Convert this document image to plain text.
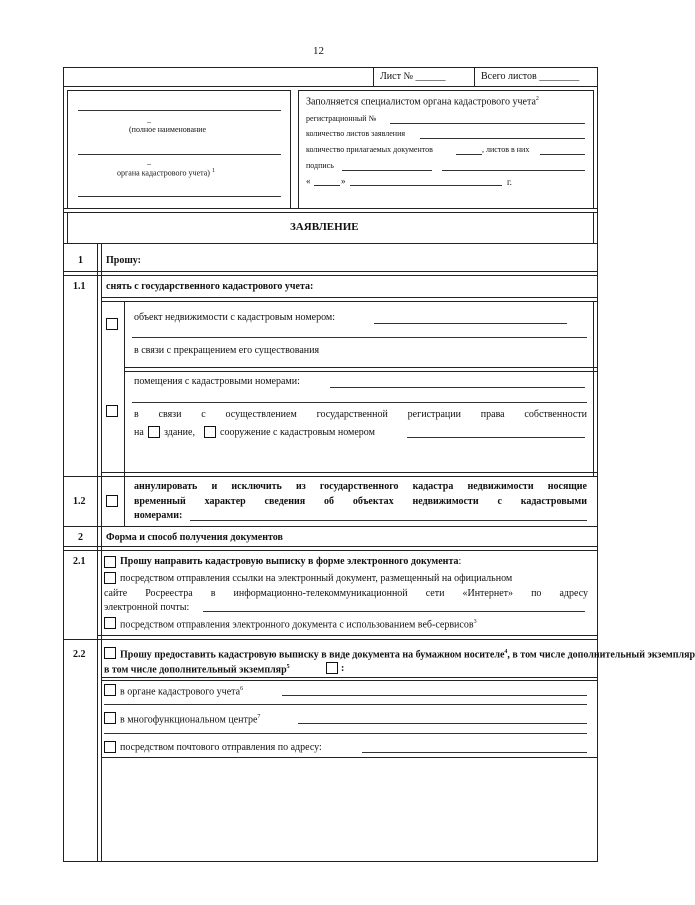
12
Лист № ______	Всего листов ________
_
(полное наименование
_
органа кадастрового учета) $^1$
Заполняется специалистом органа кадастрового учета$^2$
регистрационный №
количество листов заявления
количество прилагаемых документов	, листов в них
подпись
«	»	г.
ЗАЯВЛЕНИЕ
1 Прошу:
1.1 снять с государственного кадастрового учета:
объект недвижимости с кадастровым номером:
в связи с прекращением его существования
помещения с кадастровыми номерами:
в связи с осуществлением государственной регистрации права собственности
на здание,	сооружение с кадастровым номером
1.2
аннулировать и исключить из государственного кадастра недвижимости носящие
временный характер сведения об объектах недвижимости с кадастровыми
номерами:
2 Форма и способ получения документов
2.1	Прошу направить кадастровую выписку в форме электронного документа:
посредством отправления ссылки на электронный документ, размещенный на официальном
сайте Росреестра в информационно-телекоммуникационной сети «Интернет» по адресу
электронной почты:
посредством отправления электронного документа с использованием веб-сервисов$^3$
2.2	Прошу предоставить кадастровую выписку в виде документа на бумажном носителе$^4$, в том числе дополнительный экземпляр
в том числе дополнительный экземпляр$^5$	:
в органе кадастрового учета$^6$
в многофункциональном центре$^7$
посредством почтового отправления по адресу:
